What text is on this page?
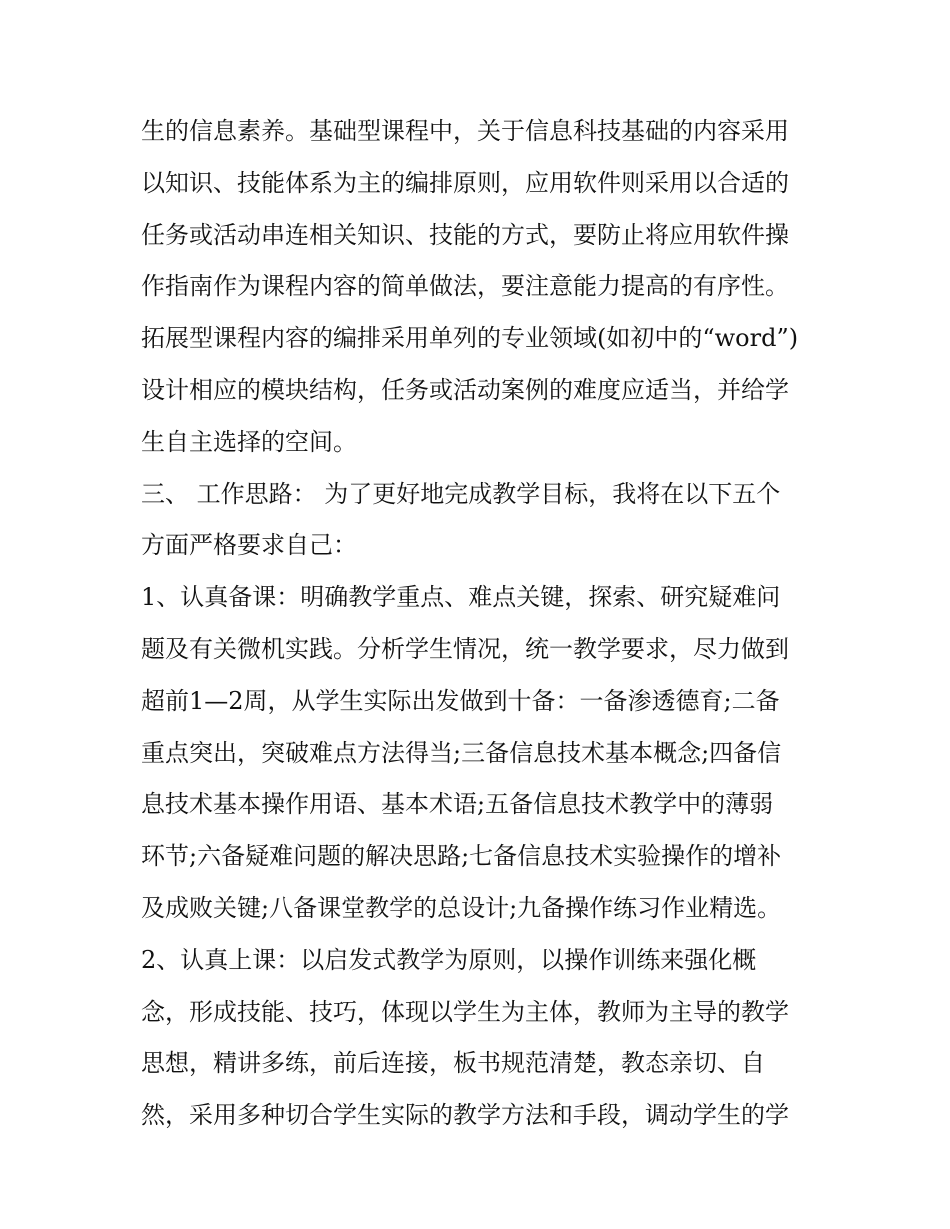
生的信息素养。基础型课程中，关于信息科技基础的内容采用
以知识、技能体系为主的编排原则，应用软件则采用以合适的
任务或活动串连相关知识、技能的方式，要防止将应用软件操
作指南作为课程内容的简单做法，要注意能力提高的有序性。
拓展型课程内容的编排采用单列的专业领域(如初中的“word”)
设计相应的模块结构，任务或活动案例的难度应适当，并给学
生自主选择的空间。
三、 工作思路： 为了更好地完成教学目标，我将在以下五个
方面严格要求自己：
1、认真备课：明确教学重点、难点关键，探索、研究疑难问
题及有关微机实践。分析学生情况，统一教学要求，尽力做到
超前1—2周，从学生实际出发做到十备：一备渗透德育;二备
重点突出，突破难点方法得当;三备信息技术基本概念;四备信
息技术基本操作用语、基本术语;五备信息技术教学中的薄弱
环节;六备疑难问题的解决思路;七备信息技术实验操作的增补
及成败关键;八备课堂教学的总设计;九备操作练习作业精选。
2、认真上课：以启发式教学为原则，以操作训练来强化概
念，形成技能、技巧，体现以学生为主体，教师为主导的教学
思想，精讲多练，前后连接，板书规范清楚，教态亲切、自
然，采用多种切合学生实际的教学方法和手段，调动学生的学
